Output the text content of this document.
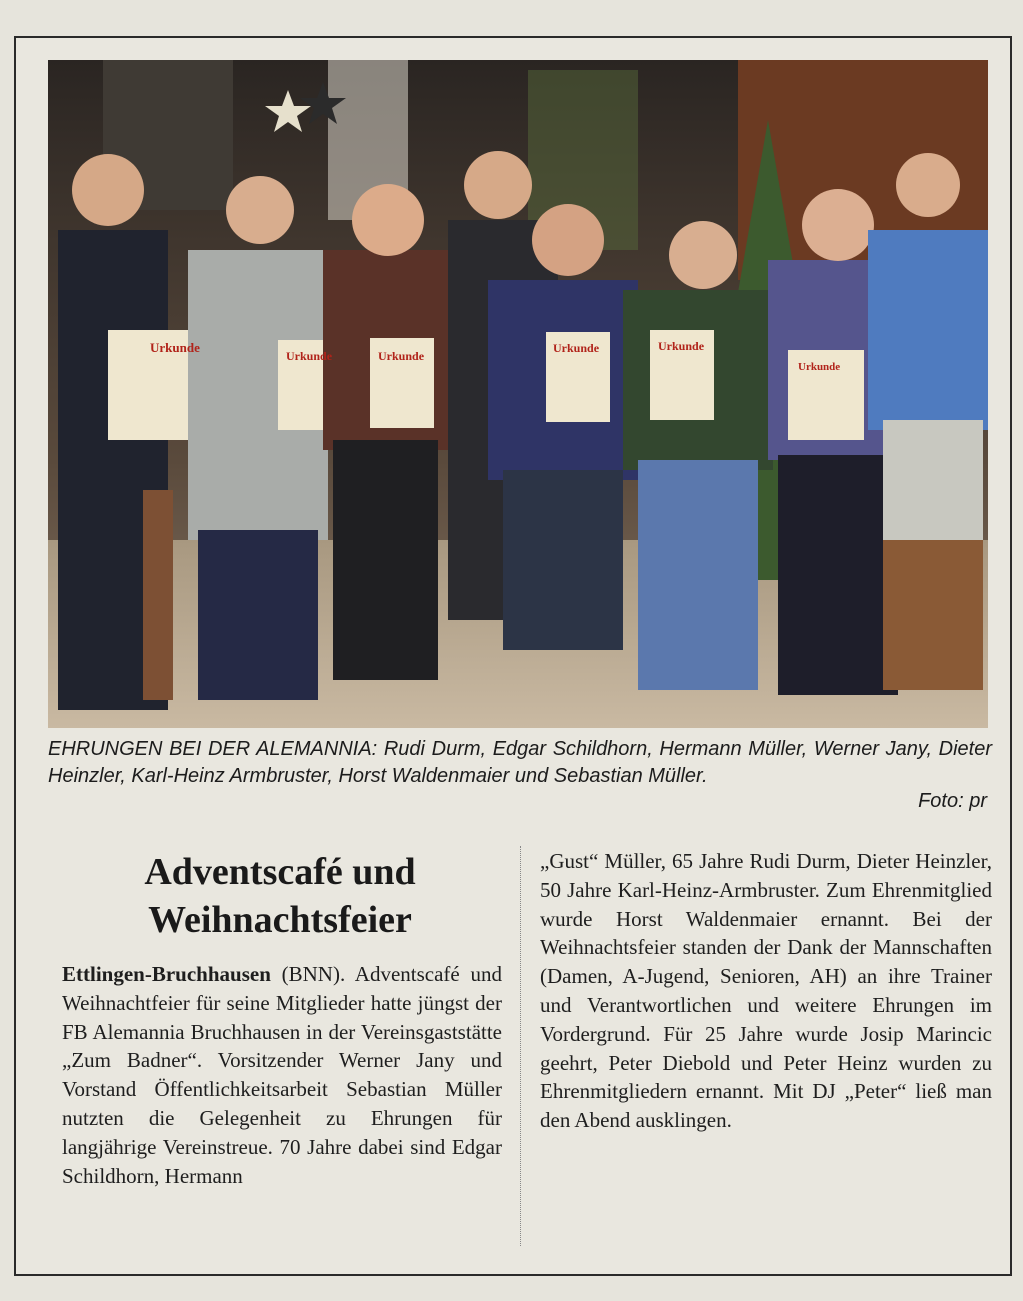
Urkunde
Urkunde	Urkunde
Urkunde	Urkunde
Urkunde
EHRUNGEN BEI DER ALEMANNIA: Rudi Durm, Edgar Schildhorn, Hermann Müller, Werner Jany, Dieter Heinzler, Karl-Heinz Armbruster, Horst Waldenmaier und Sebastian Müller.
Foto: pr
Adventscafé und Weihnachtsfeier
Ettlingen-Bruchhausen (BNN). Adventscafé und Weihnachtfeier für seine Mitglieder hatte jüngst der FB Alemannia Bruchhausen in der Vereinsgaststätte „Zum Badner“. Vorsitzender Werner Jany und Vorstand Öffentlichkeitsarbeit Sebastian Müller nutzten die Gelegenheit zu Ehrungen für langjährige Vereinstreue. 70 Jahre dabei sind Edgar Schildhorn, Hermann
„Gust“ Müller, 65 Jahre Rudi Durm, Dieter Heinzler, 50 Jahre Karl-Heinz-Armbruster. Zum Ehrenmitglied wurde Horst Waldenmaier ernannt. Bei der Weihnachtsfeier standen der Dank der Mannschaften (Damen, A-Jugend, Senioren, AH) an ihre Trainer und Verantwortlichen und weitere Ehrungen im Vordergrund. Für 25 Jahre wurde Josip Marincic geehrt, Peter Diebold und Peter Heinz wurden zu Ehrenmitgliedern ernannt. Mit DJ „Peter“ ließ man den Abend ausklingen.
